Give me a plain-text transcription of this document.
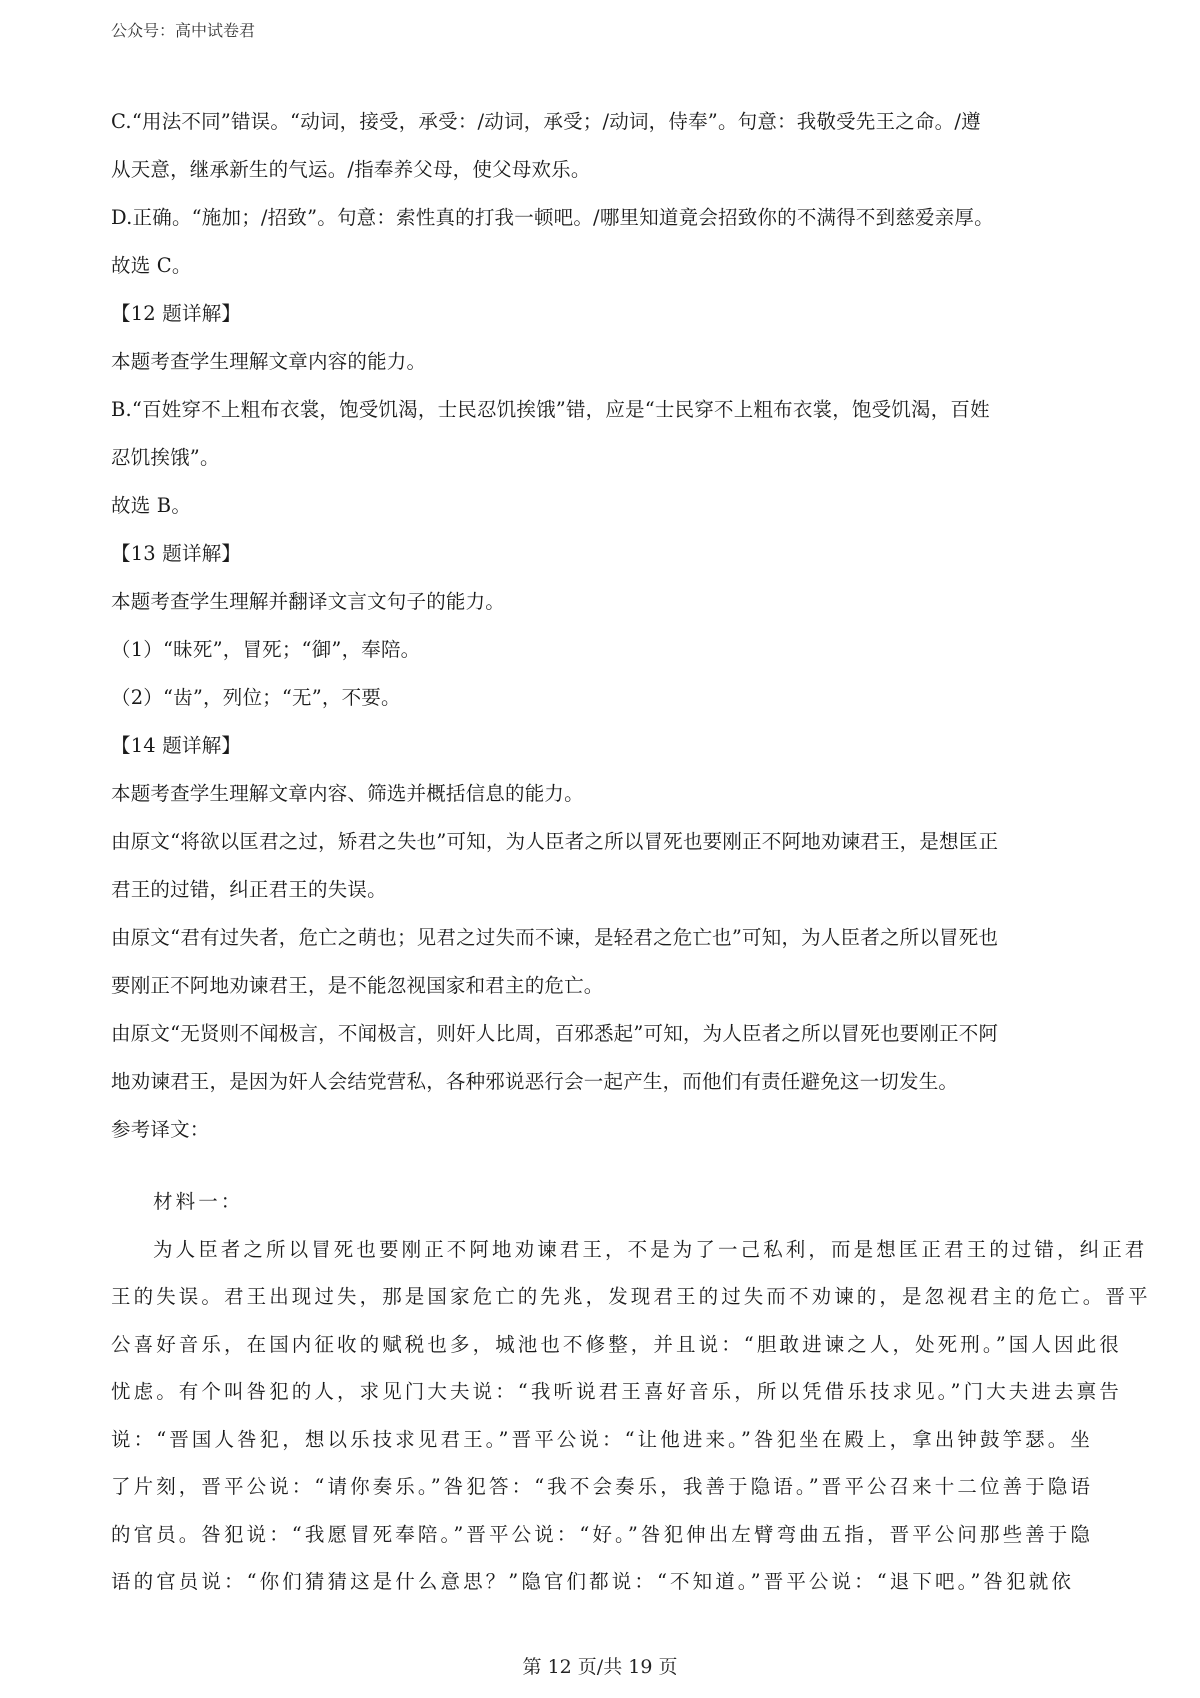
公众号：高中试卷君
C.“用法不同”错误。“动词，接受，承受：/动词，承受；/动词，侍奉”。句意：我敬受先王之命。/遵
从天意，继承新生的气运。/指奉养父母，使父母欢乐。
D.正确。“施加；/招致”。句意：索性真的打我一顿吧。/哪里知道竟会招致你的不满得不到慈爱亲厚。
故选 C。
【12 题详解】
本题考查学生理解文章内容的能力。
B.“百姓穿不上粗布衣裳，饱受饥渴，士民忍饥挨饿”错，应是“士民穿不上粗布衣裳，饱受饥渴，百姓
忍饥挨饿”。
故选 B。
【13 题详解】
本题考查学生理解并翻译文言文句子的能力。
（1）“昧死”，冒死；“御”，奉陪。
（2）“齿”，列位；“无”，不要。
【14 题详解】
本题考查学生理解文章内容、筛选并概括信息的能力。
由原文“将欲以匡君之过，矫君之失也”可知，为人臣者之所以冒死也要刚正不阿地劝谏君王，是想匡正
君王的过错，纠正君王的失误。
由原文“君有过失者，危亡之萌也；见君之过失而不谏，是轻君之危亡也”可知，为人臣者之所以冒死也
要刚正不阿地劝谏君王，是不能忽视国家和君主的危亡。
由原文“无贤则不闻极言，不闻极言，则奸人比周，百邪悉起”可知，为人臣者之所以冒死也要刚正不阿
地劝谏君王，是因为奸人会结党营私，各种邪说恶行会一起产生，而他们有责任避免这一切发生。
参考译文：
材料一：
为人臣者之所以冒死也要刚正不阿地劝谏君王，不是为了一己私利，而是想匡正君王的过错，纠正君
王的失误。君王出现过失，那是国家危亡的先兆，发现君王的过失而不劝谏的，是忽视君主的危亡。晋平
公喜好音乐，在国内征收的赋税也多，城池也不修整，并且说：“胆敢进谏之人，处死刑。”国人因此很
忧虑。有个叫咎犯的人，求见门大夫说：“我听说君王喜好音乐，所以凭借乐技求见。”门大夫进去禀告
说：“晋国人咎犯，想以乐技求见君王。”晋平公说：“让他进来。”咎犯坐在殿上，拿出钟鼓竽瑟。坐
了片刻，晋平公说：“请你奏乐。”咎犯答：“我不会奏乐，我善于隐语。”晋平公召来十二位善于隐语
的官员。咎犯说：“我愿冒死奉陪。”晋平公说：“好。”咎犯伸出左臂弯曲五指，晋平公问那些善于隐
语的官员说：“你们猜猜这是什么意思？”隐官们都说：“不知道。”晋平公说：“退下吧。”咎犯就依
第 12 页/共 19 页
